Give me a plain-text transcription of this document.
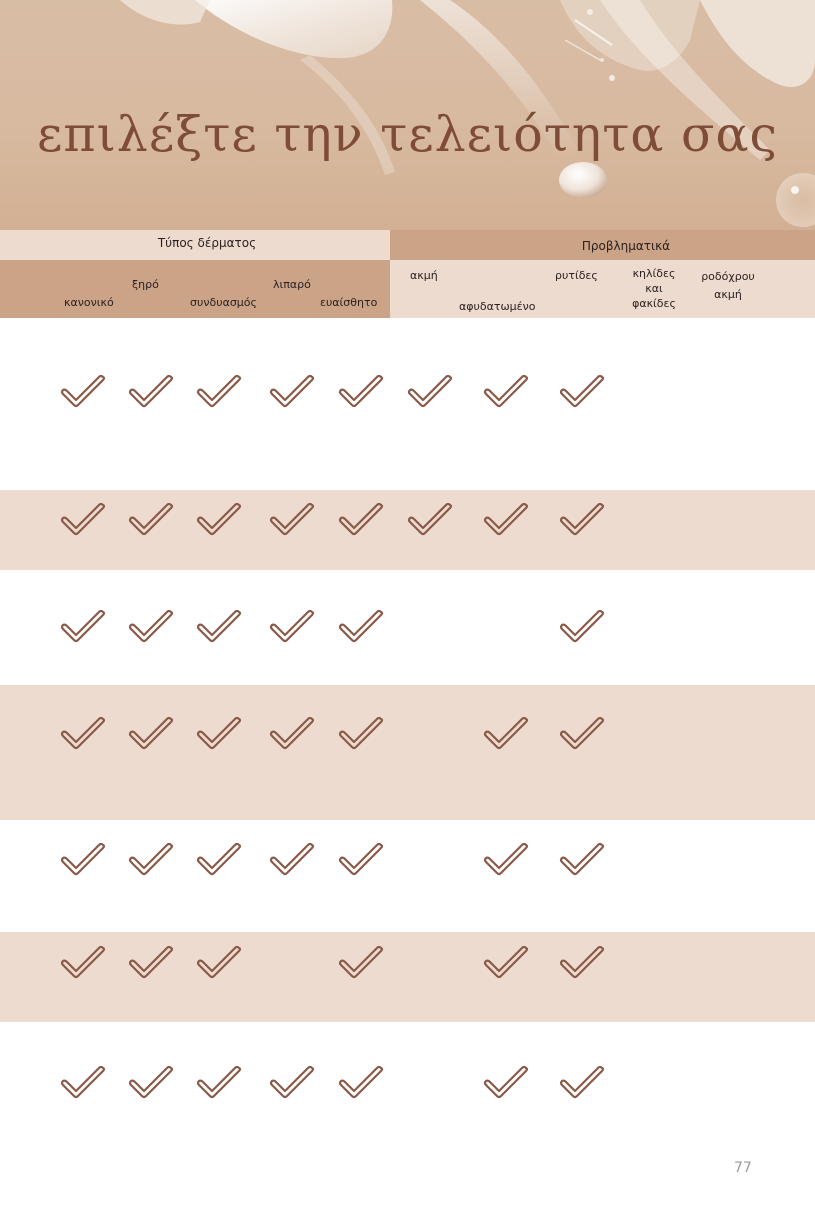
επιλέξτε την τελειότητα σας
Τύπος δέρματος	Προβληματικά
κανονικό
ξηρό
συνδυασμός
λιπαρό
ευαίσθητο
ακμή
αφυδατωμένο
ρυτίδες	κηλίδες
και
φακίδες
ροδόχρου
ακμή
77
